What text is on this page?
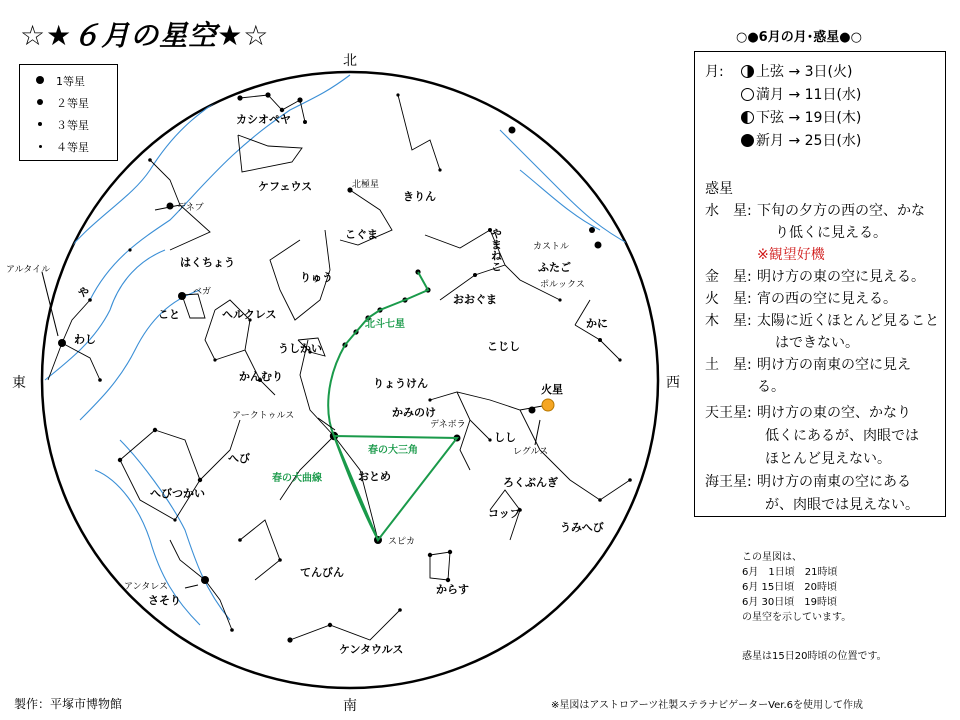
☆★６月の星空★☆
1等星
２等星
３等星
４等星
北
南
東	西
カシオペヤ
ケフェウス	北極星
きりん
こぐま	やまねこ	カストル
ふたご
ポルックス
はくちょう
デネブ
りゅう
アルタイル
や	ベガ
こと
わし
ヘルクレス
おおぐま
かに
うしかい	こじし
かんむり
りょうけん	火星
アークトゥルス	かみのけ
デネボラ
しし
へび	レグルス
おとめ	ろくぶんぎ
へびつかい
コップ
うみへび
スピカ
てんびん
からす
アンタレス
さそり
ケンタウルス
北斗七星
春の大三角
春の大曲線
○●6月の月･惑星●○
月:	上弦 → 3日(火)
満月 → 11日(水)
下弦 → 19日(木)
新月 → 25日(水)
惑星
水　星: 下旬の夕方の西の空、かな
り低くに見える。
※観望好機
金　星: 明け方の東の空に見える。
火　星: 宵の西の空に見える。
木　星: 太陽に近くほとんど見ること
はできない。
土　星: 明け方の南東の空に見え
る。
天王星: 明け方の東の空、かなり
低くにあるが、肉眼では
ほとんど見えない。
海王星: 明け方の南東の空にある
が、肉眼では見えない。
この星図は、
6月　1日頃　21時頃
6月 15日頃　20時頃
6月 30日頃　19時頃
の星空を示しています。
惑星は15日20時頃の位置です。
製作：平塚市博物館	※星図はアストロアーツ社製ステラナビゲーターVer.6を使用して作成
